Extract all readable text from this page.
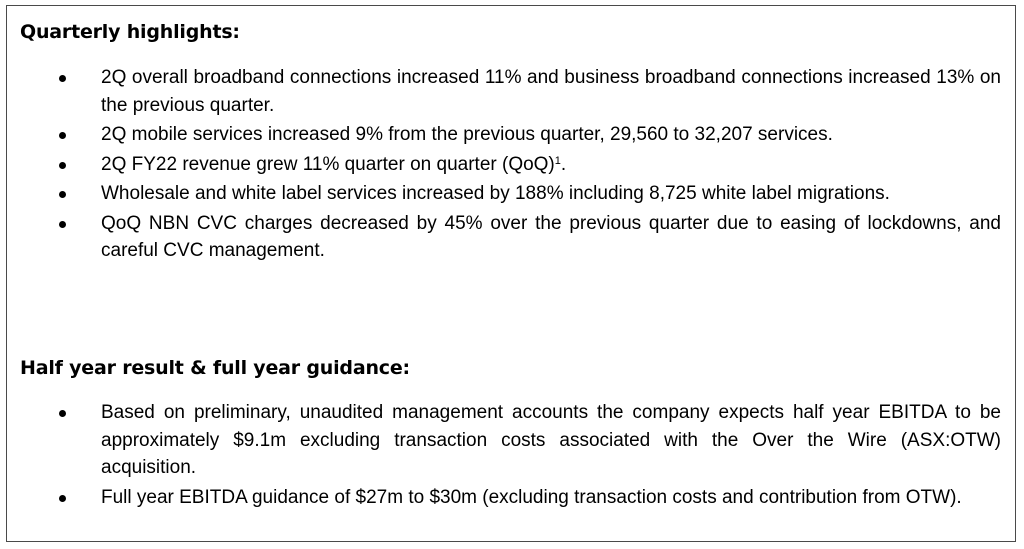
Quarterly highlights:
2Q overall broadband connections increased 11% and business broadband connections increased 13% on the previous quarter.
2Q mobile services increased 9% from the previous quarter, 29,560 to 32,207 services.
2Q FY22 revenue grew 11% quarter on quarter (QoQ)$^1$.
Wholesale and white label services increased by 188% including 8,725 white label migrations.
QoQ NBN CVC charges decreased by 45% over the previous quarter due to easing of lockdowns, and careful CVC management.
Half year result & full year guidance:
Based on preliminary, unaudited management accounts the company expects half year EBITDA to be approximately $9.1m excluding transaction costs associated with the Over the Wire (ASX:OTW) acquisition.
Full year EBITDA guidance of $27m to $30m (excluding transaction costs and contribution from OTW).
